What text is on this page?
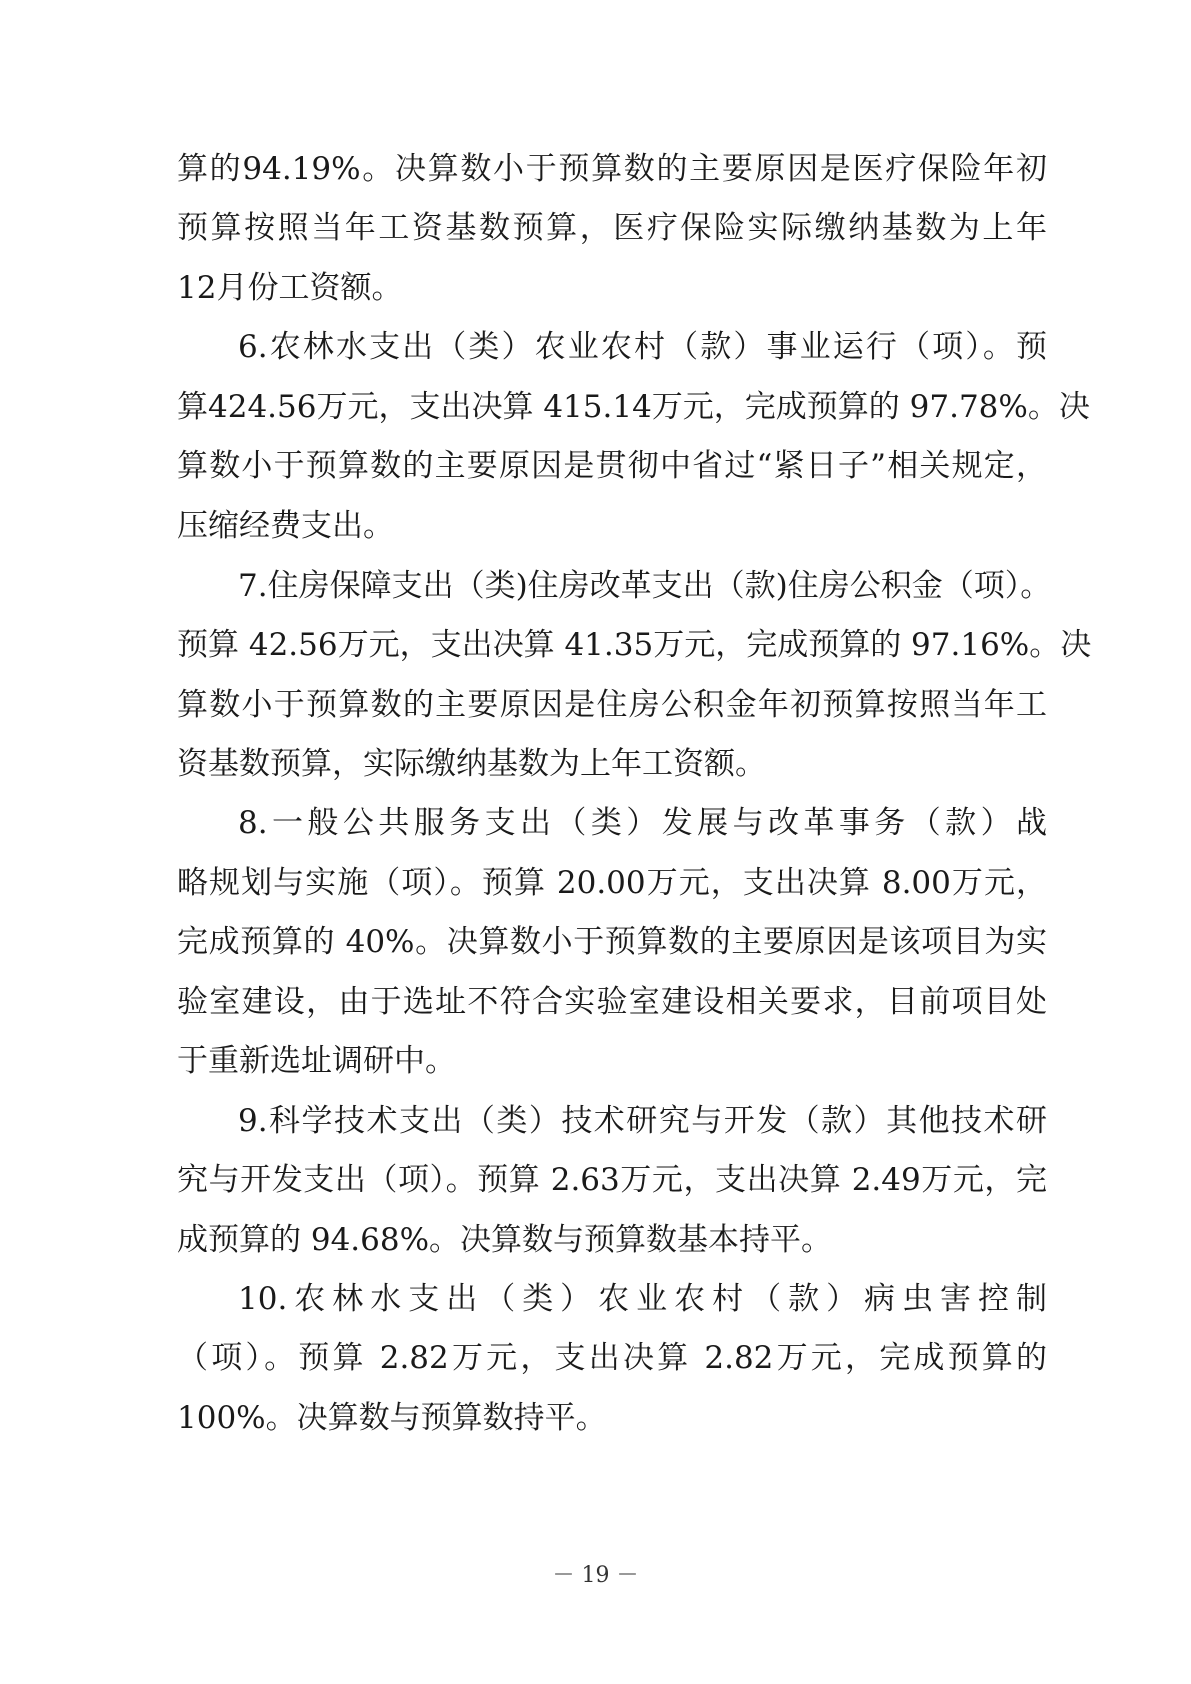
算的94.19%。决算数小于预算数的主要原因是医疗保险年初
预算按照当年工资基数预算，医疗保险实际缴纳基数为上年
12月份工资额。
6.农林水支出（类）农业农村（款）事业运行（项）。预
算424.56万元，支出决算 415.14万元，完成预算的 97.78%。决
算数小于预算数的主要原因是贯彻中省过“紧日子”相关规定，
压缩经费支出。
7.住房保障支出（类)住房改革支出（款)住房公积金（项）。
预算 42.56万元，支出决算 41.35万元，完成预算的 97.16%。决
算数小于预算数的主要原因是住房公积金年初预算按照当年工
资基数预算，实际缴纳基数为上年工资额。
8.一般公共服务支出（类）发展与改革事务（款）战
略规划与实施（项）。预算 20.00万元，支出决算 8.00万元，
完成预算的 40%。决算数小于预算数的主要原因是该项目为实
验室建设，由于选址不符合实验室建设相关要求，目前项目处
于重新选址调研中。
9.科学技术支出（类）技术研究与开发（款）其他技术研
究与开发支出（项）。预算 2.63万元，支出决算 2.49万元，完
成预算的 94.68%。决算数与预算数基本持平。
10.农林水支出（类）农业农村（款）病虫害控制
（项）。预算 2.82万元，支出决算 2.82万元，完成预算的
100%。决算数与预算数持平。
－ 19 －
